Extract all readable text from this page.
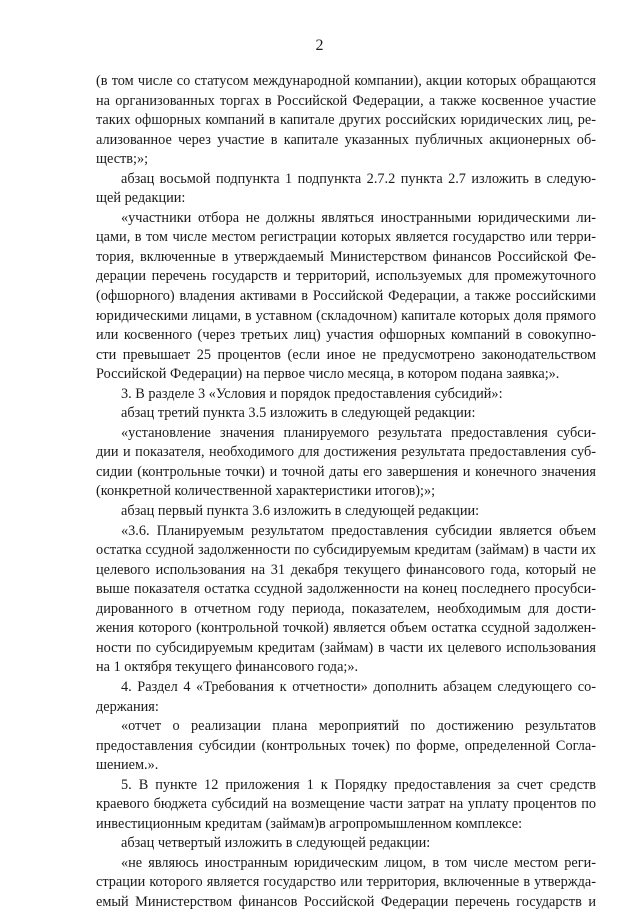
2
(в том числе со статусом международной компании), акции которых обращаются
на организованных торгах в Российской Федерации, а также косвенное участие
таких офшорных компаний в капитале других российских юридических лиц, ре-
ализованное через участие в капитале указанных публичных акционерных об-
ществ;»;
абзац восьмой подпункта 1 подпункта 2.7.2 пункта 2.7 изложить в следую-
щей редакции:
«участники отбора не должны являться иностранными юридическими ли-
цами, в том числе местом регистрации которых является государство или терри-
тория, включенные в утверждаемый Министерством финансов Российской Фе-
дерации перечень государств и территорий, используемых для промежуточного
(офшорного) владения активами в Российской Федерации, а также российскими
юридическими лицами, в уставном (складочном) капитале которых доля прямого
или косвенного (через третьих лиц) участия офшорных компаний в совокупно-
сти превышает 25 процентов (если иное не предусмотрено законодательством
Российской Федерации) на первое число месяца, в котором подана заявка;».
3. В разделе 3 «Условия и порядок предоставления субсидий»:
абзац третий пункта 3.5 изложить в следующей редакции:
«установление значения планируемого результата предоставления субси-
дии и показателя, необходимого для достижения результата предоставления суб-
сидии (контрольные точки) и точной даты его завершения и конечного значения
(конкретной количественной характеристики итогов);»;
абзац первый пункта 3.6 изложить в следующей редакции:
«3.6. Планируемым результатом предоставления субсидии является объем
остатка ссудной задолженности по субсидируемым кредитам (займам) в части их
целевого использования на 31 декабря текущего финансового года, который не
выше показателя остатка ссудной задолженности на конец последнего просубси-
дированного в отчетном году периода, показателем, необходимым для дости-
жения которого (контрольной точкой) является объем остатка ссудной задолжен-
ности по субсидируемым кредитам (займам) в части их целевого использования
на 1 октября текущего финансового года;».
4. Раздел 4 «Требования к отчетности» дополнить абзацем следующего со-
держания:
«отчет о реализации плана мероприятий по достижению результатов
предоставления субсидии (контрольных точек) по форме, определенной Согла-
шением.».
5. В пункте 12 приложения 1 к Порядку предоставления за счет средств
краевого бюджета субсидий на возмещение части затрат на уплату процентов по
инвестиционным кредитам (займам)в агропромышленном комплексе:
абзац четвертый изложить в следующей редакции:
«не являюсь иностранным юридическим лицом, в том числе местом реги-
страции которого является государство или территория, включенные в утвержда-
емый Министерством финансов Российской Федерации перечень государств и
